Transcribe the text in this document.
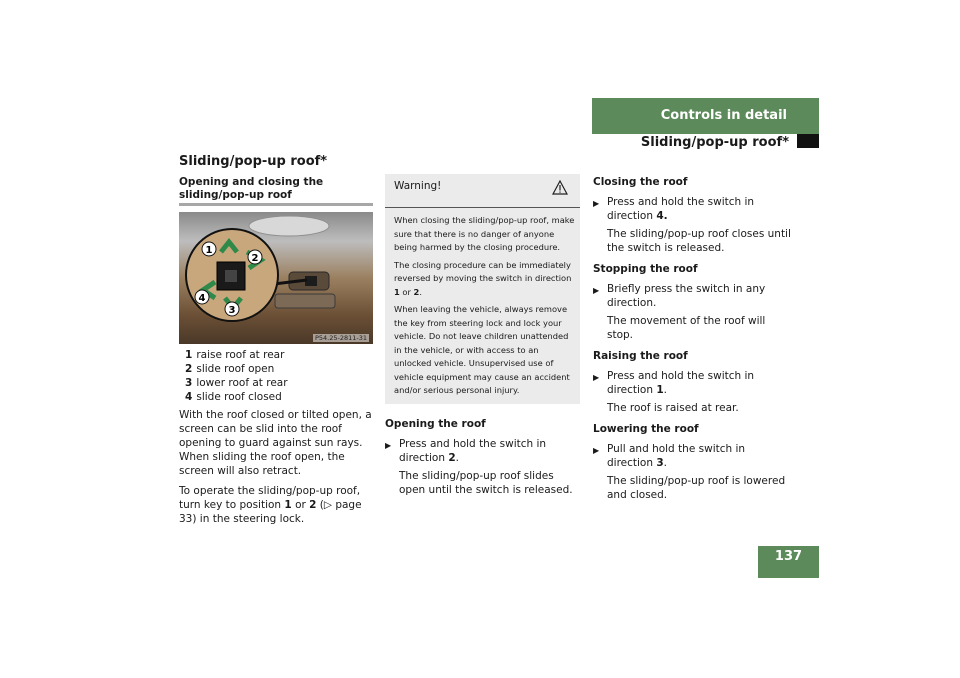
Controls in detail
Sliding/pop-up roof*
Sliding/pop-up roof*
Opening and closing the sliding/pop-up roof
1
2
3
4
P54.25-2811-31
1 raise roof at rear
2 slide roof open
3 lower roof at rear
4 slide roof closed

With the roof closed or tilted open, a screen can be slid into the roof opening to guard against sun rays. When sliding the roof open, the screen will also retract.

To operate the sliding/pop-up roof, turn key to position 1 or 2 (▷ page 33) in the steering lock.

Warning!

When closing the sliding/pop-up roof, make sure that there is no danger of anyone being harmed by the closing procedure.

The closing procedure can be immediately reversed by moving the switch in direction 1 or 2.

When leaving the vehicle, always remove the key from steering lock and lock your vehicle. Do not leave children unattended in the vehicle, or with access to an unlocked vehicle. Unsupervised use of vehicle equipment may cause an accident and/or serious personal injury.

Opening the roof
▶ Press and hold the switch in direction 2.
The sliding/pop-up roof slides open until the switch is released.
Closing the roof
▶ Press and hold the switch in direction 4.
The sliding/pop-up roof closes until the switch is released.
Stopping the roof
▶ Briefly press the switch in any direction.
The movement of the roof will stop.
Raising the roof
▶ Press and hold the switch in direction 1.
The roof is raised at rear.
Lowering the roof
▶ Pull and hold the switch in direction 3.
The sliding/pop-up roof is lowered and closed.
137
